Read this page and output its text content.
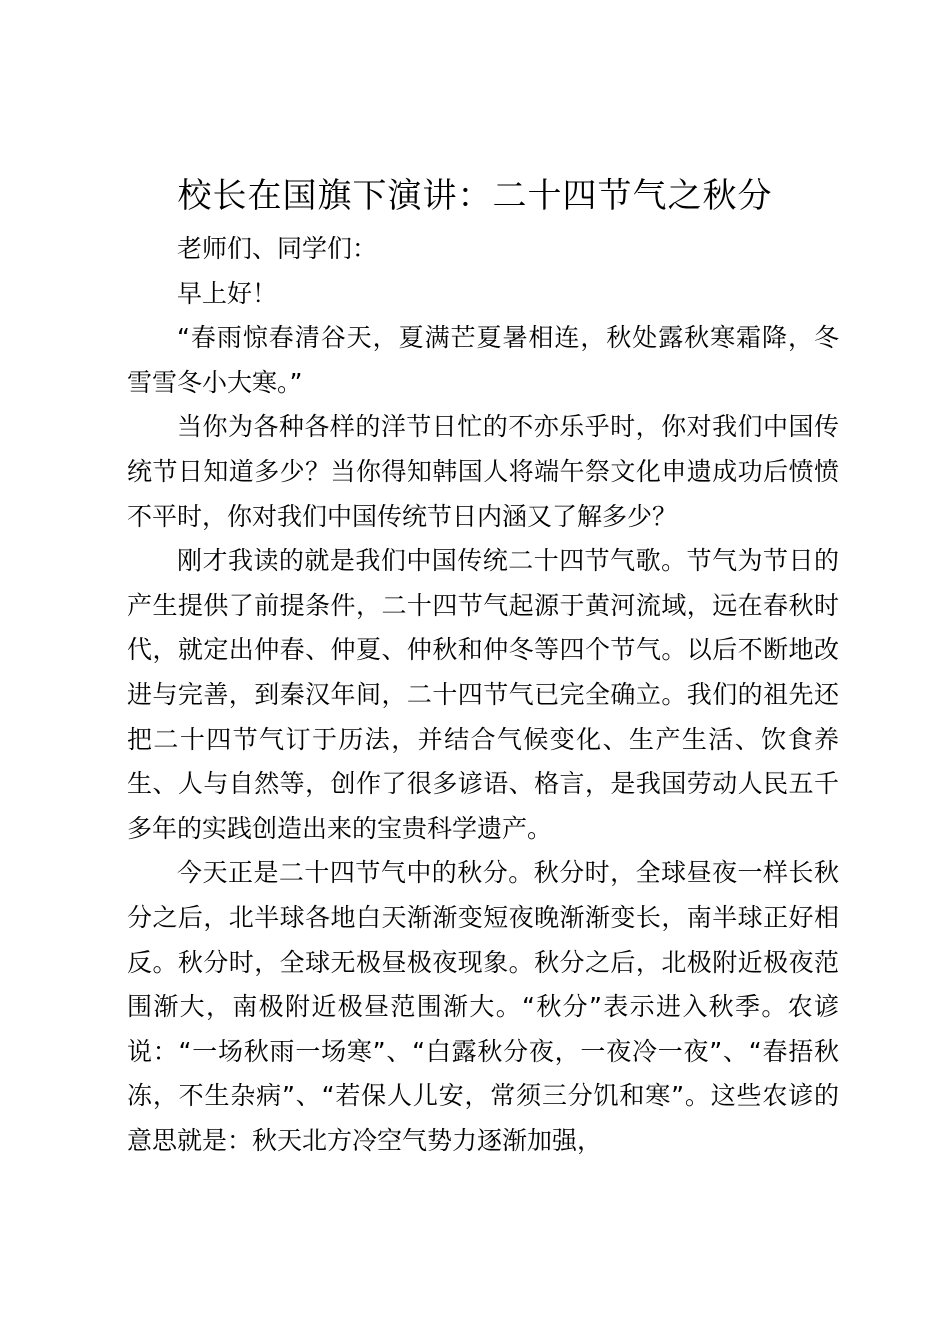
校长在国旗下演讲：二十四节气之秋分

老师们、同学们：

早上好！

“春雨惊春清谷天，夏满芒夏暑相连，秋处露秋寒霜降，冬雪雪冬小大寒。”

当你为各种各样的洋节日忙的不亦乐乎时，你对我们中国传统节日知道多少？当你得知韩国人将端午祭文化申遗成功后愤愤不平时，你对我们中国传统节日内涵又了解多少？

刚才我读的就是我们中国传统二十四节气歌。节气为节日的产生提供了前提条件，二十四节气起源于黄河流域，远在春秋时代，就定出仲春、仲夏、仲秋和仲冬等四个节气。以后不断地改进与完善，到秦汉年间，二十四节气已完全确立。我们的祖先还把二十四节气订于历法，并结合气候变化、生产生活、饮食养生、人与自然等，创作了很多谚语、格言，是我国劳动人民五千多年的实践创造出来的宝贵科学遗产。

今天正是二十四节气中的秋分。秋分时，全球昼夜一样长秋分之后，北半球各地白天渐渐变短夜晚渐渐变长，南半球正好相反。秋分时，全球无极昼极夜现象。秋分之后，北极附近极夜范围渐大，南极附近极昼范围渐大。“秋分”表示进入秋季。农谚说：“一场秋雨一场寒”、“白露秋分夜，一夜冷一夜”、“春捂秋冻，不生杂病”、“若保人儿安，常须三分饥和寒”。这些农谚的意思就是：秋天北方冷空气势力逐渐加强，
